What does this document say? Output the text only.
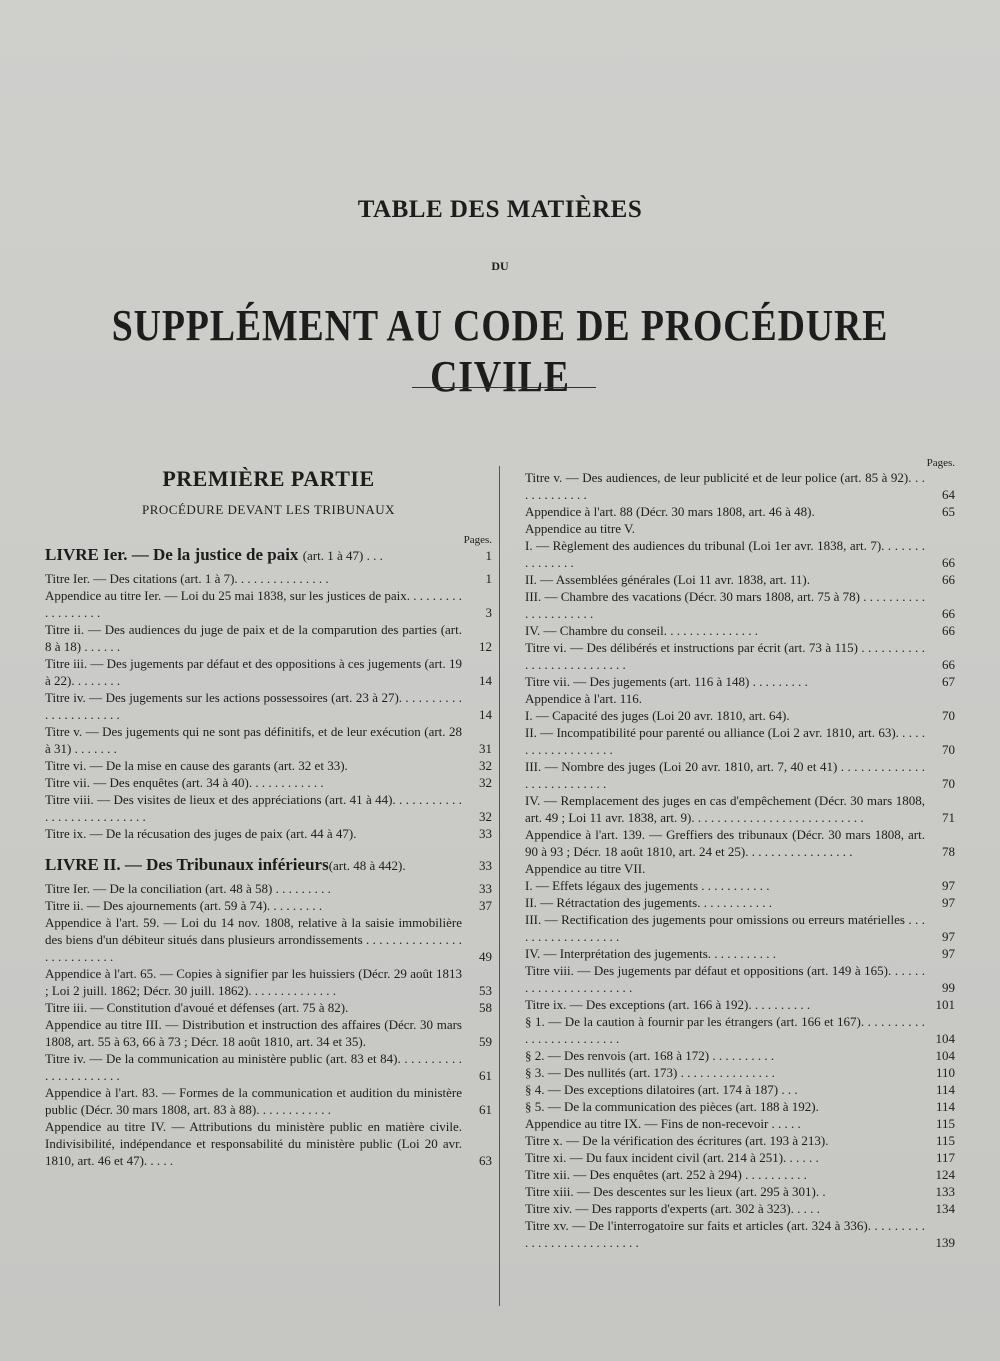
TABLE DES MATIÈRES
DU
SUPPLÉMENT AU CODE DE PROCÉDURE CIVILE
PREMIÈRE PARTIE
PROCÉDURE DEVANT LES TRIBUNAUX
Pages.
LIVRE Ier. — De la justice de paix (art. 1 à 47) . . .	1
Titre Ier. — Des citations (art. 1 à 7). . . . . . . . . . . . . . .	1
Appendice au titre Ier. — Loi du 25 mai 1838, sur les justices de paix. . . . . . . . . . . . . . . . . .	3
Titre ii. — Des audiences du juge de paix et de la comparution des parties (art. 8 à 18) . . . . . .	12
Titre iii. — Des jugements par défaut et des oppositions à ces jugements (art. 19 à 22). . . . . . . .	14
Titre iv. — Des jugements sur les actions possessoires (art. 23 à 27). . . . . . . . . . . . . . . . . . . . . .	14
Titre v. — Des jugements qui ne sont pas définitifs, et de leur exécution (art. 28 à 31) . . . . . . .	31
Titre vi. — De la mise en cause des garants (art. 32 et 33).	32
Titre vii. — Des enquêtes (art. 34 à 40). . . . . . . . . . . .	32
Titre viii. — Des visites de lieux et des appréciations (art. 41 à 44). . . . . . . . . . . . . . . . . . . . . . . . . . .	32
Titre ix. — De la récusation des juges de paix (art. 44 à 47).	33
LIVRE II. — Des Tribunaux inférieurs(art. 48 à 442).	33
Titre Ier. — De la conciliation (art. 48 à 58) . . . . . . . . .	33
Titre ii. — Des ajournements (art. 59 à 74). . . . . . . . .	37
Appendice à l'art. 59. — Loi du 14 nov. 1808, relative à la saisie immobilière des biens d'un débiteur situés dans plusieurs arrondissements . . . . . . . . . . . . . . . . . . . . . . . . . .	49
Appendice à l'art. 65. — Copies à signifier par les huissiers (Décr. 29 août 1813 ; Loi 2 juill. 1862; Décr. 30 juill. 1862). . . . . . . . . . . . . .	53
Titre iii. — Constitution d'avoué et défenses (art. 75 à 82).	58
Appendice au titre III. — Distribution et instruction des affaires (Décr. 30 mars 1808, art. 55 à 63, 66 à 73 ; Décr. 18 août 1810, art. 34 et 35).	59
Titre iv. — De la communication au ministère public (art. 83 et 84). . . . . . . . . . . . . . . . . . . . . .	61
Appendice à l'art. 83. — Formes de la communication et audition du ministère public (Décr. 30 mars 1808, art. 83 à 88). . . . . . . . . . . .	61
Appendice au titre IV. — Attributions du ministère public en matière civile. Indivisibilité, indépendance et responsabilité du ministère public (Loi 20 avr. 1810, art. 46 et 47). . . . .	63
Pages.
Titre v. — Des audiences, de leur publicité et de leur police (art. 85 à 92). . . . . . . . . . . . .	64
Appendice à l'art. 88 (Décr. 30 mars 1808, art. 46 à 48).	65
Appendice au titre V.
I. — Règlement des audiences du tribunal (Loi 1er avr. 1838, art. 7). . . . . . . . . . . . . . .	66
II. — Assemblées générales (Loi 11 avr. 1838, art. 11).	66
III. — Chambre des vacations (Décr. 30 mars 1808, art. 75 à 78) . . . . . . . . . . . . . . . . . . . . .	66
IV. — Chambre du conseil. . . . . . . . . . . . . . .	66
Titre vi. — Des délibérés et instructions par écrit (art. 73 à 115) . . . . . . . . . . . . . . . . . . . . . . . . . .	66
Titre vii. — Des jugements (art. 116 à 148) . . . . . . . . .	67
Appendice à l'art. 116.
I. — Capacité des juges (Loi 20 avr. 1810, art. 64).	70
II. — Incompatibilité pour parenté ou alliance (Loi 2 avr. 1810, art. 63). . . . . . . . . . . . . . . . . . .	70
III. — Nombre des juges (Loi 20 avr. 1810, art. 7, 40 et 41) . . . . . . . . . . . . . . . . . . . . . . . . . .	70
IV. — Remplacement des juges en cas d'empêchement (Décr. 30 mars 1808, art. 49 ; Loi 11 avr. 1838, art. 9). . . . . . . . . . . . . . . . . . . . . . . . . . .	71
Appendice à l'art. 139. — Greffiers des tribunaux (Décr. 30 mars 1808, art. 90 à 93 ; Décr. 18 août 1810, art. 24 et 25). . . . . . . . . . . . . . . . .	78
Appendice au titre VII.
I. — Effets légaux des jugements . . . . . . . . . . .	97
II. — Rétractation des jugements. . . . . . . . . . . .	97
III. — Rectification des jugements pour omissions ou erreurs matérielles . . . . . . . . . . . . . . . . . .	97
IV. — Interprétation des jugements. . . . . . . . . . .	97
Titre viii. — Des jugements par défaut et oppositions (art. 149 à 165). . . . . . . . . . . . . . . . . . . . . . .	99
Titre ix. — Des exceptions (art. 166 à 192). . . . . . . . . .	101
§ 1. — De la caution à fournir par les étrangers (art. 166 et 167). . . . . . . . . . . . . . . . . . . . . . . . .	104
§ 2. — Des renvois (art. 168 à 172) . . . . . . . . . .	104
§ 3. — Des nullités (art. 173) . . . . . . . . . . . . . . .	110
§ 4. — Des exceptions dilatoires (art. 174 à 187) . . .	114
§ 5. — De la communication des pièces (art. 188 à 192).	114
Appendice au titre IX. — Fins de non-recevoir . . . . .	115
Titre x. — De la vérification des écritures (art. 193 à 213).	115
Titre xi. — Du faux incident civil (art. 214 à 251). . . . . .	117
Titre xii. — Des enquêtes (art. 252 à 294) . . . . . . . . . .	124
Titre xiii. — Des descentes sur les lieux (art. 295 à 301). .	133
Titre xiv. — Des rapports d'experts (art. 302 à 323). . . . .	134
Titre xv. — De l'interrogatoire sur faits et articles (art. 324 à 336). . . . . . . . . . . . . . . . . . . . . . . . . . .	139
